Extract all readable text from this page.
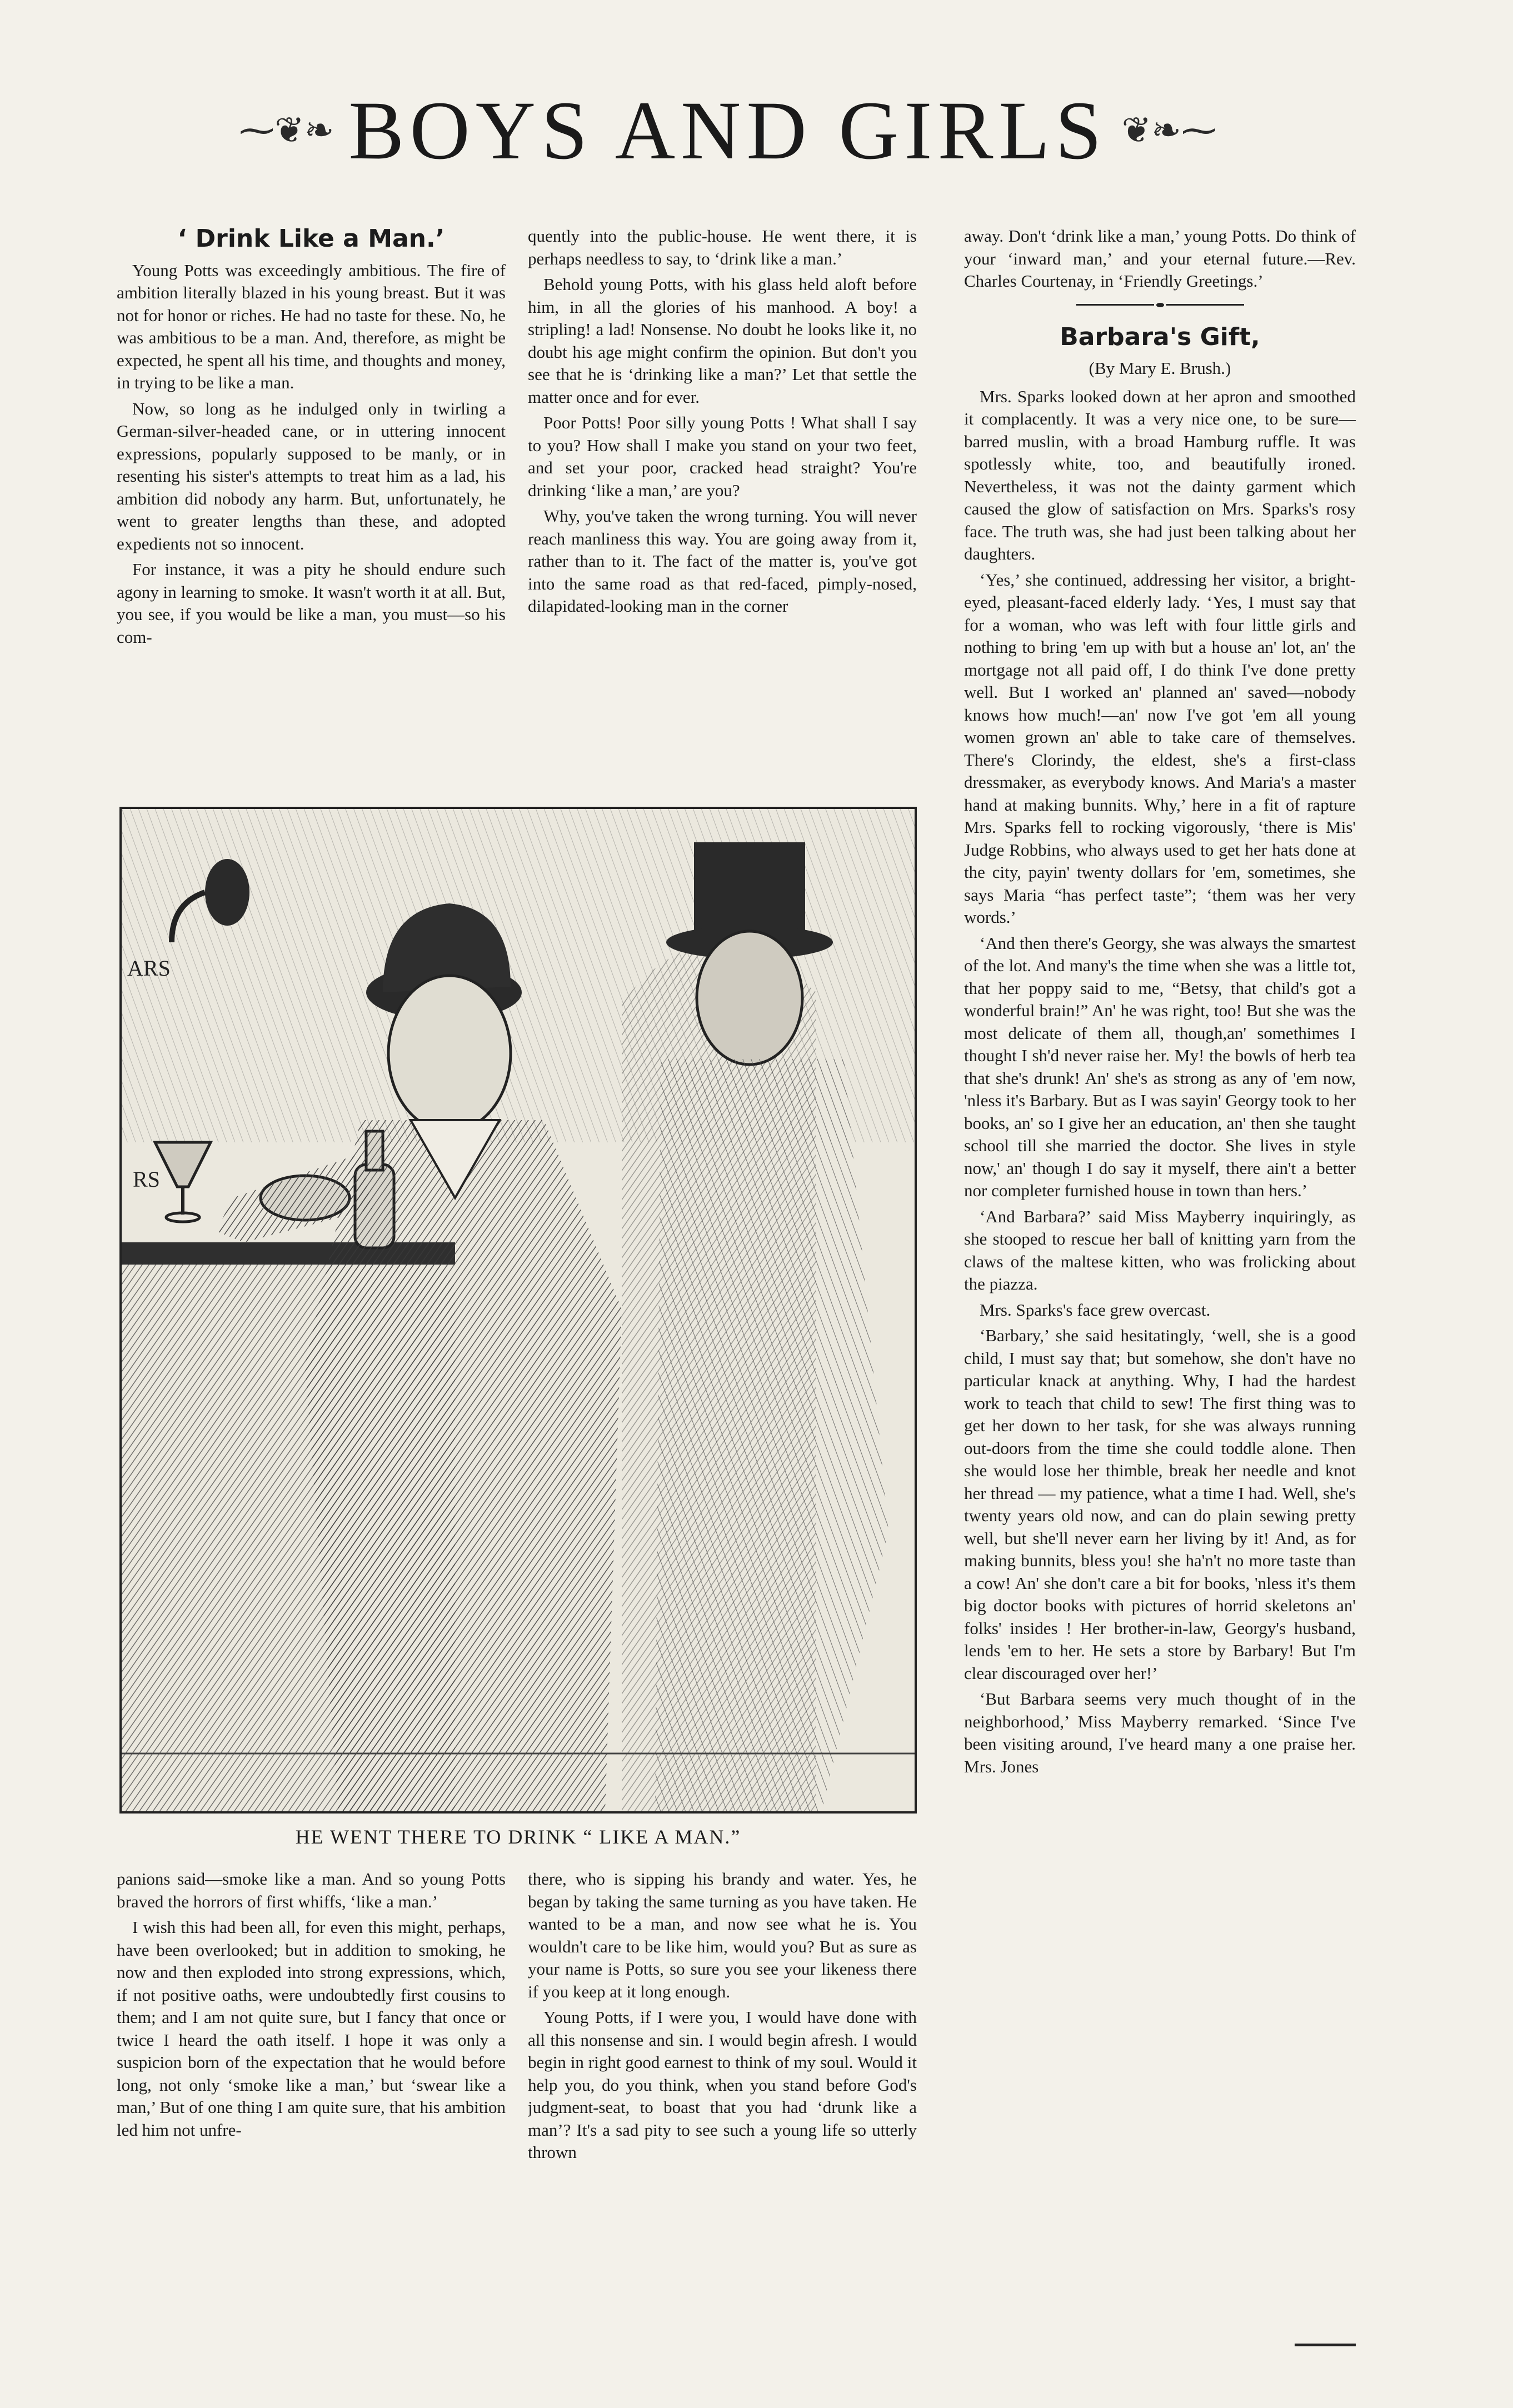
⁓❦❧ BOYS AND GIRLS ❦❧⁓
‘ Drink Like a Man.’

Young Potts was exceedingly ambitious. The fire of ambition literally blazed in his young breast. But it was not for honor or riches. He had no taste for these. No, he was ambitious to be a man. And, therefore, as might be expected, he spent all his time, and thoughts and money, in trying to be like a man.

Now, so long as he indulged only in twirling a German-silver-headed cane, or in uttering innocent expressions, popularly supposed to be manly, or in resenting his sister's attempts to treat him as a lad, his ambition did nobody any harm. But, unfortunately, he went to greater lengths than these, and adopted expedients not so innocent.

For instance, it was a pity he should endure such agony in learning to smoke. It wasn't worth it at all. But, you see, if you would be like a man, you must—so his com-

quently into the public-house. He went there, it is perhaps needless to say, to ‘drink like a man.’

Behold young Potts, with his glass held aloft before him, in all the glories of his manhood. A boy! a stripling! a lad! Nonsense. No doubt he looks like it, no doubt his age might confirm the opinion. But don't you see that he is ‘drinking like a man?’ Let that settle the matter once and for ever.

Poor Potts! Poor silly young Potts ! What shall I say to you? How shall I make you stand on your two feet, and set your poor, cracked head straight? You're drinking ‘like a man,’ are you?

Why, you've taken the wrong turning. You will never reach manliness this way. You are going away from it, rather than to it. The fact of the matter is, you've got into the same road as that red-faced, pimply-nosed, dilapidated-looking man in the corner

ARS
RS
HE WENT THERE TO DRINK “ LIKE A MAN.”

panions said—smoke like a man. And so young Potts braved the horrors of first whiffs, ‘like a man.’

I wish this had been all, for even this might, perhaps, have been overlooked; but in addition to smoking, he now and then exploded into strong expressions, which, if not positive oaths, were undoubtedly first cousins to them; and I am not quite sure, but I fancy that once or twice I heard the oath itself. I hope it was only a suspicion born of the expectation that he would before long, not only ‘smoke like a man,’ but ‘swear like a man,’ But of one thing I am quite sure, that his ambition led him not unfre-

there, who is sipping his brandy and water. Yes, he began by taking the same turning as you have taken. He wanted to be a man, and now see what he is. You wouldn't care to be like him, would you? But as sure as your name is Potts, so sure you see your likeness there if you keep at it long enough.

Young Potts, if I were you, I would have done with all this nonsense and sin. I would begin afresh. I would begin in right good earnest to think of my soul. Would it help you, do you think, when you stand before God's judgment-seat, to boast that you had ‘drunk like a man’? It's a sad pity to see such a young life so utterly thrown

away. Don't ‘drink like a man,’ young Potts. Do think of your ‘inward man,’ and your eternal future.—Rev. Charles Courtenay, in ‘Friendly Greetings.’

Barbara's Gift,

(By Mary E. Brush.)

Mrs. Sparks looked down at her apron and smoothed it complacently. It was a very nice one, to be sure—barred muslin, with a broad Hamburg ruffle. It was spotlessly white, too, and beautifully ironed. Nevertheless, it was not the dainty garment which caused the glow of satisfaction on Mrs. Sparks's rosy face. The truth was, she had just been talking about her daughters.

‘Yes,’ she continued, addressing her visitor, a bright-eyed, pleasant-faced elderly lady. ‘Yes, I must say that for a woman, who was left with four little girls and nothing to bring 'em up with but a house an' lot, an' the mortgage not all paid off, I do think I've done pretty well. But I worked an' planned an' saved—nobody knows how much!—an' now I've got 'em all young women grown an' able to take care of themselves. There's Clorindy, the eldest, she's a first-class dressmaker, as everybody knows. And Maria's a master hand at making bunnits. Why,’ here in a fit of rapture Mrs. Sparks fell to rocking vigorously, ‘there is Mis' Judge Robbins, who always used to get her hats done at the city, payin' twenty dollars for 'em, sometimes, she says Maria “has perfect taste”; ‘them was her very words.’

‘And then there's Georgy, she was always the smartest of the lot. And many's the time when she was a little tot, that her poppy said to me, “Betsy, that child's got a wonderful brain!” An' he was right, too! But she was the most delicate of them all, though,an' somethimes I thought I sh'd never raise her. My! the bowls of herb tea that she's drunk! An' she's as strong as any of 'em now, 'nless it's Barbary. But as I was sayin' Georgy took to her books, an' so I give her an education, an' then she taught school till she married the doctor. She lives in style now,' an' though I do say it myself, there ain't a better nor completer furnished house in town than hers.’

‘And Barbara?’ said Miss Mayberry inquiringly, as she stooped to rescue her ball of knitting yarn from the claws of the maltese kitten, who was frolicking about the piazza.

Mrs. Sparks's face grew overcast.

‘Barbary,’ she said hesitatingly, ‘well, she is a good child, I must say that; but somehow, she don't have no particular knack at anything. Why, I had the hardest work to teach that child to sew! The first thing was to get her down to her task, for she was always running out-doors from the time she could toddle alone. Then she would lose her thimble, break her needle and knot her thread — my patience, what a time I had. Well, she's twenty years old now, and can do plain sewing pretty well, but she'll never earn her living by it! And, as for making bunnits, bless you! she ha'n't no more taste than a cow! An' she don't care a bit for books, 'nless it's them big doctor books with pictures of horrid skeletons an' folks' insides ! Her brother-in-law, Georgy's husband, lends 'em to her. He sets a store by Barbary! But I'm clear discouraged over her!’

‘But Barbara seems very much thought of in the neighborhood,’ Miss Mayberry remarked. ‘Since I've been visiting around, I've heard many a one praise her. Mrs. Jones
